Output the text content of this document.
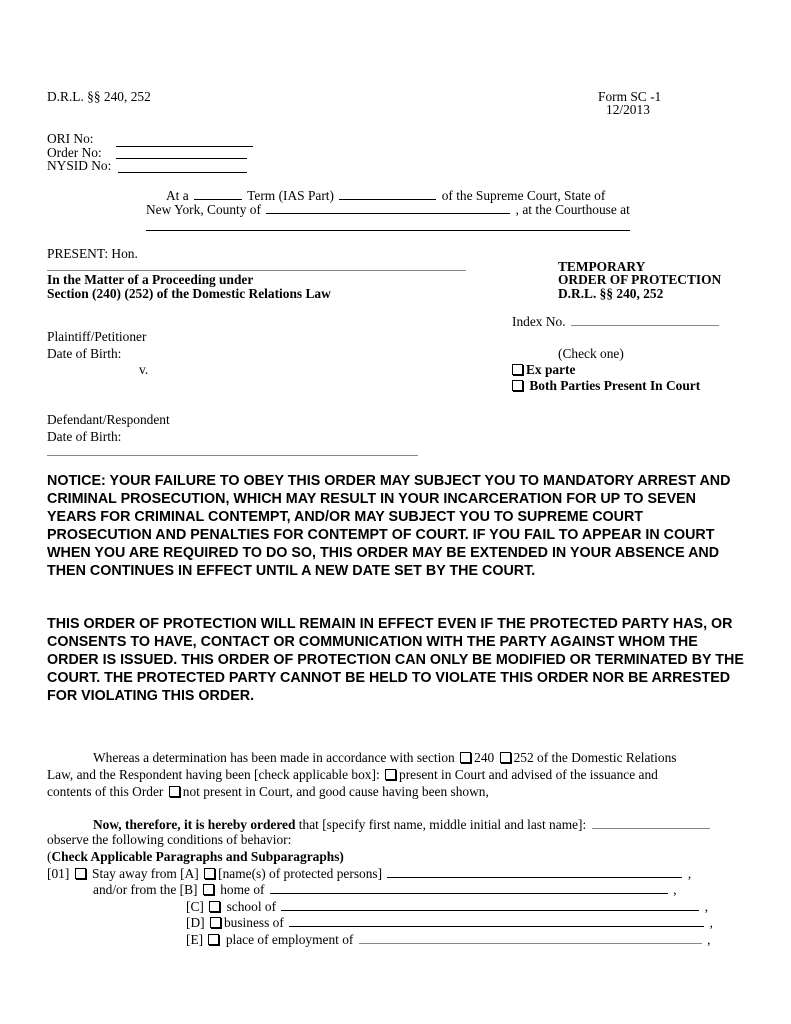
D.R.L. §§ 240, 252	Form SC -1
12/2013
ORI No:
Order No:
NYSID No:
At a	Term (IAS Part)	of the Supreme Court, State of
New York, County of	, at the Courthouse at
PRESENT: Hon.
In the Matter of a Proceeding under
Section (240) (252) of the Domestic Relations Law
TEMPORARY
ORDER OF PROTECTION
D.R.L. §§ 240, 252
Index No.
Plaintiff/Petitioner
Date of Birth:
v.
Defendant/Respondent
Date of Birth:
(Check one)
Ex parte
Both Parties Present In Court
NOTICE: YOUR FAILURE TO OBEY THIS ORDER MAY SUBJECT YOU TO MANDATORY ARREST AND CRIMINAL PROSECUTION, WHICH MAY RESULT IN YOUR INCARCERATION FOR UP TO SEVEN YEARS FOR CRIMINAL CONTEMPT, AND/OR MAY SUBJECT YOU TO SUPREME COURT PROSECUTION AND PENALTIES FOR CONTEMPT OF COURT. IF YOU FAIL TO APPEAR IN COURT WHEN YOU ARE REQUIRED TO DO SO, THIS ORDER MAY BE EXTENDED IN YOUR ABSENCE AND THEN CONTINUES IN EFFECT UNTIL A NEW DATE SET BY THE COURT.
THIS ORDER OF PROTECTION WILL REMAIN IN EFFECT EVEN IF THE PROTECTED PARTY HAS, OR CONSENTS TO HAVE, CONTACT OR COMMUNICATION WITH THE PARTY AGAINST WHOM THE ORDER IS ISSUED. THIS ORDER OF PROTECTION CAN ONLY BE MODIFIED OR TERMINATED BY THE COURT. THE PROTECTED PARTY CANNOT BE HELD TO VIOLATE THIS ORDER NOR BE ARRESTED FOR VIOLATING THIS ORDER.
Whereas a determination has been made in accordance with section 240 252 of the Domestic Relations
Law, and the Respondent having been [check applicable box]: present in Court and advised of the issuance and
contents of this Order not present in Court, and good cause having been shown,
Now, therefore, it is hereby ordered that [specify first name, middle initial and last name]:
observe the following conditions of behavior:
(Check Applicable Paragraphs and Subparagraphs)
[01] Stay away from [A] [name(s) of protected persons]	,
and/or from the [B] home of	,
[C] school of	,
[D] business of	,
[E] place of employment of	,
